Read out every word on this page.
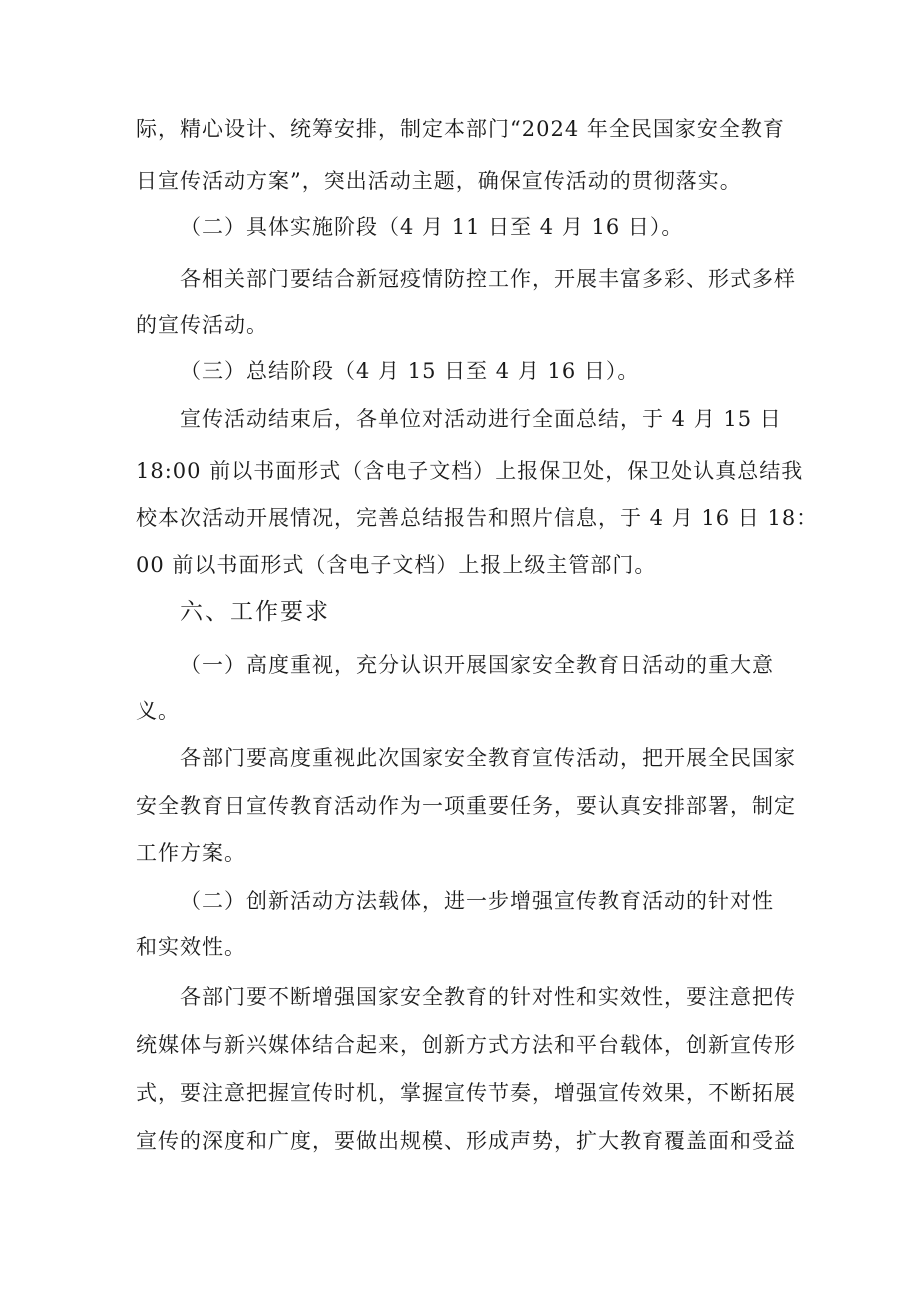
际，精心设计、统筹安排，制定本部门“2024 年全民国家安全教育
日宣传活动方案”，突出活动主题，确保宣传活动的贯彻落实。
（二）具体实施阶段（4 月 11 日至 4 月 16 日）。
各相关部门要结合新冠疫情防控工作，开展丰富多彩、形式多样
的宣传活动。
（三）总结阶段（4 月 15 日至 4 月 16 日）。
宣传活动结束后，各单位对活动进行全面总结，于 4 月 15 日
18:00 前以书面形式（含电子文档）上报保卫处，保卫处认真总结我
校本次活动开展情况，完善总结报告和照片信息，于 4 月 16 日 18：
00 前以书面形式（含电子文档）上报上级主管部门。
六、工作要求
（一）高度重视，充分认识开展国家安全教育日活动的重大意
义。
各部门要高度重视此次国家安全教育宣传活动，把开展全民国家
安全教育日宣传教育活动作为一项重要任务，要认真安排部署，制定
工作方案。
（二）创新活动方法载体，进一步增强宣传教育活动的针对性
和实效性。
各部门要不断增强国家安全教育的针对性和实效性，要注意把传
统媒体与新兴媒体结合起来，创新方式方法和平台载体，创新宣传形
式，要注意把握宣传时机，掌握宣传节奏，增强宣传效果，不断拓展
宣传的深度和广度，要做出规模、形成声势，扩大教育覆盖面和受益
